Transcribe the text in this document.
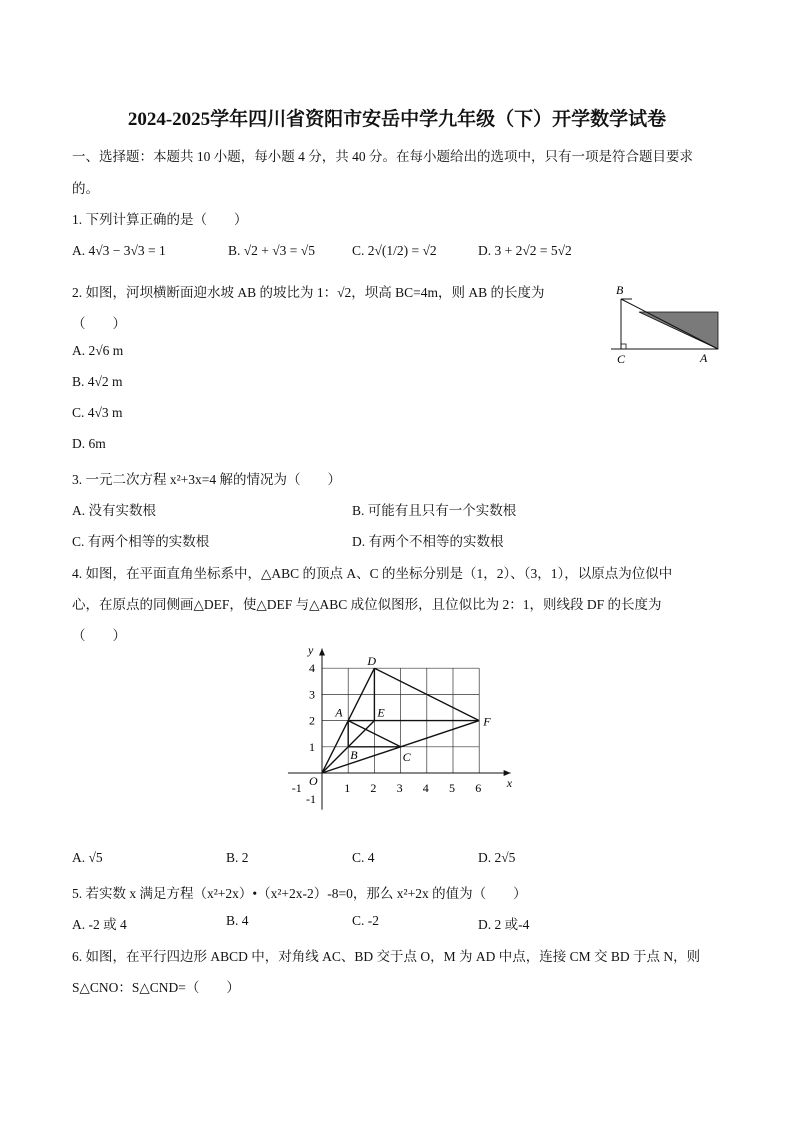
2024-2025学年四川省资阳市安岳中学九年级（下）开学数学试卷
一、选择题：本题共 10 小题，每小题 4 分，共 40 分。在每小题给出的选项中，只有一项是符合题目要求
的。
1. 下列计算正确的是（　　）
A. 4√3 − 3√3 = 1	B. √2 + √3 = √5	C. 2√(1/2) = √2	D. 3 + 2√2 = 5√2
2. 如图，河坝横断面迎水坡 AB 的坡比为 1：√2，坝高 BC=4m，则 AB 的长度为
（　　）
A. 2√6 m
B. 4√2 m
C. 4√3 m
D. 6m
B
C	A
3. 一元二次方程 x²+3x=4 解的情况为（　　）
A. 没有实数根	B. 可能有且只有一个实数根
C. 有两个相等的实数根	D. 有两个不相等的实数根
4. 如图，在平面直角坐标系中，△ABC 的顶点 A、C 的坐标分别是（1，2）、（3，1），以原点为位似中
心，在原点的同侧画△DEF，使△DEF 与△ABC 成位似图形，且位似比为 2：1，则线段 DF 的长度为
（　　）
-1	1 2 3 4 5 6
4
3
2
1
-1
x
y
O
A
B	C
D
E
F
A. √5	B. 2	C. 4	D. 2√5
5. 若实数 x 满足方程（x²+2x）•（x²+2x-2）-8=0，那么 x²+2x 的值为（　　）
A. -2 或 4	B. 4	C. -2	D. 2 或-4
6. 如图，在平行四边形 ABCD 中，对角线 AC、BD 交于点 O，M 为 AD 中点，连接 CM 交 BD 于点 N，则
S△CNO：S△CND=（　　）
